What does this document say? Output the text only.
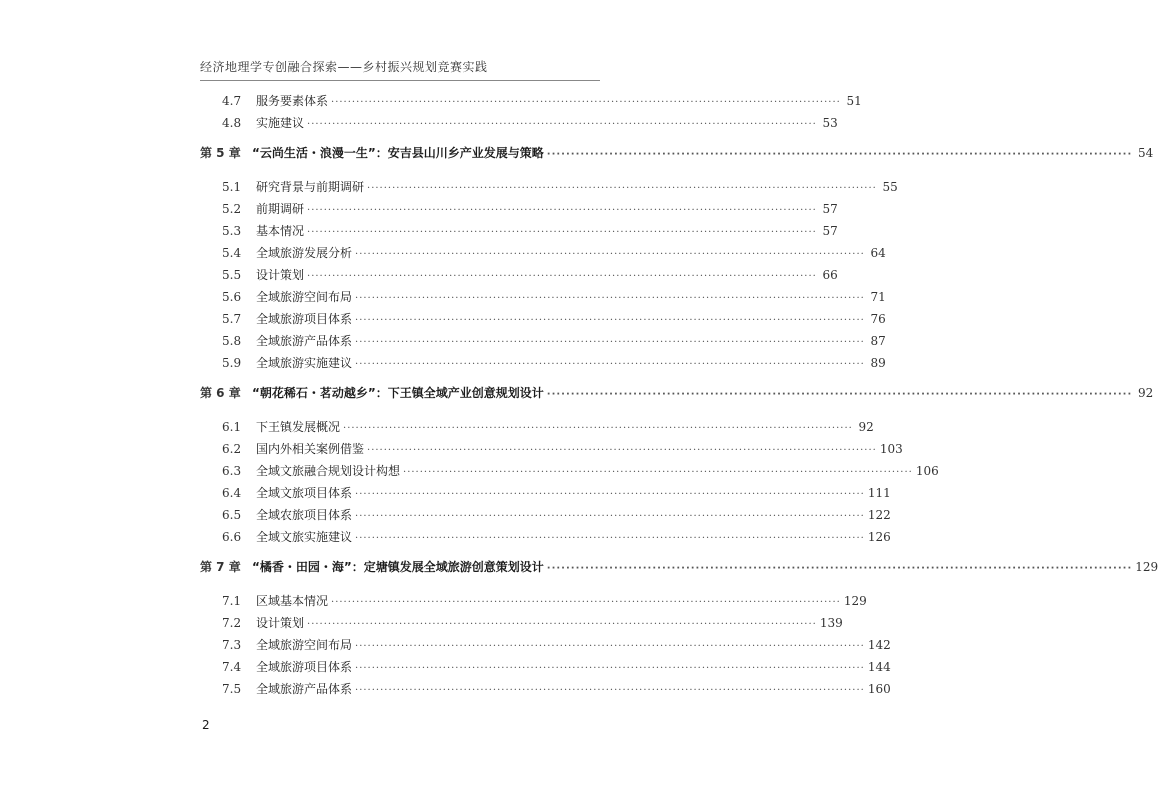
经济地理学专创融合探索——乡村振兴规划竞赛实践
4.7	服务要素体系 ·····	51
4.8	实施建议 ·····	53
第 5 章 “云尚生活・浪漫一生”：安吉县山川乡产业发展与策略 ·····	54
5.1	研究背景与前期调研 ·····	55
5.2	前期调研 ·····	57
5.3	基本情况 ·····	57
5.4	全域旅游发展分析 ·····	64
5.5	设计策划 ·····	66
5.6	全域旅游空间布局 ·····	71
5.7	全域旅游项目体系 ·····	76
5.8	全域旅游产品体系 ·····	87
5.9	全域旅游实施建议 ·····	89
第 6 章 “朝花稀石・茗动越乡”：下王镇全域产业创意规划设计 ·····	92
6.1	下王镇发展概况 ·····	92
6.2	国内外相关案例借鉴 ·····	103
6.3	全域文旅融合规划设计构想 ·····	106
6.4	全域文旅项目体系 ·····	111
6.5	全域农旅项目体系 ·····	122
6.6	全域文旅实施建议 ·····	126
第 7 章 “橘香・田园・海”：定塘镇发展全域旅游创意策划设计 ·····	129
7.1	区域基本情况 ·····	129
7.2	设计策划 ·····	139
7.3	全域旅游空间布局 ·····	142
7.4	全域旅游项目体系 ·····	144
7.5	全域旅游产品体系 ·····	160
2
